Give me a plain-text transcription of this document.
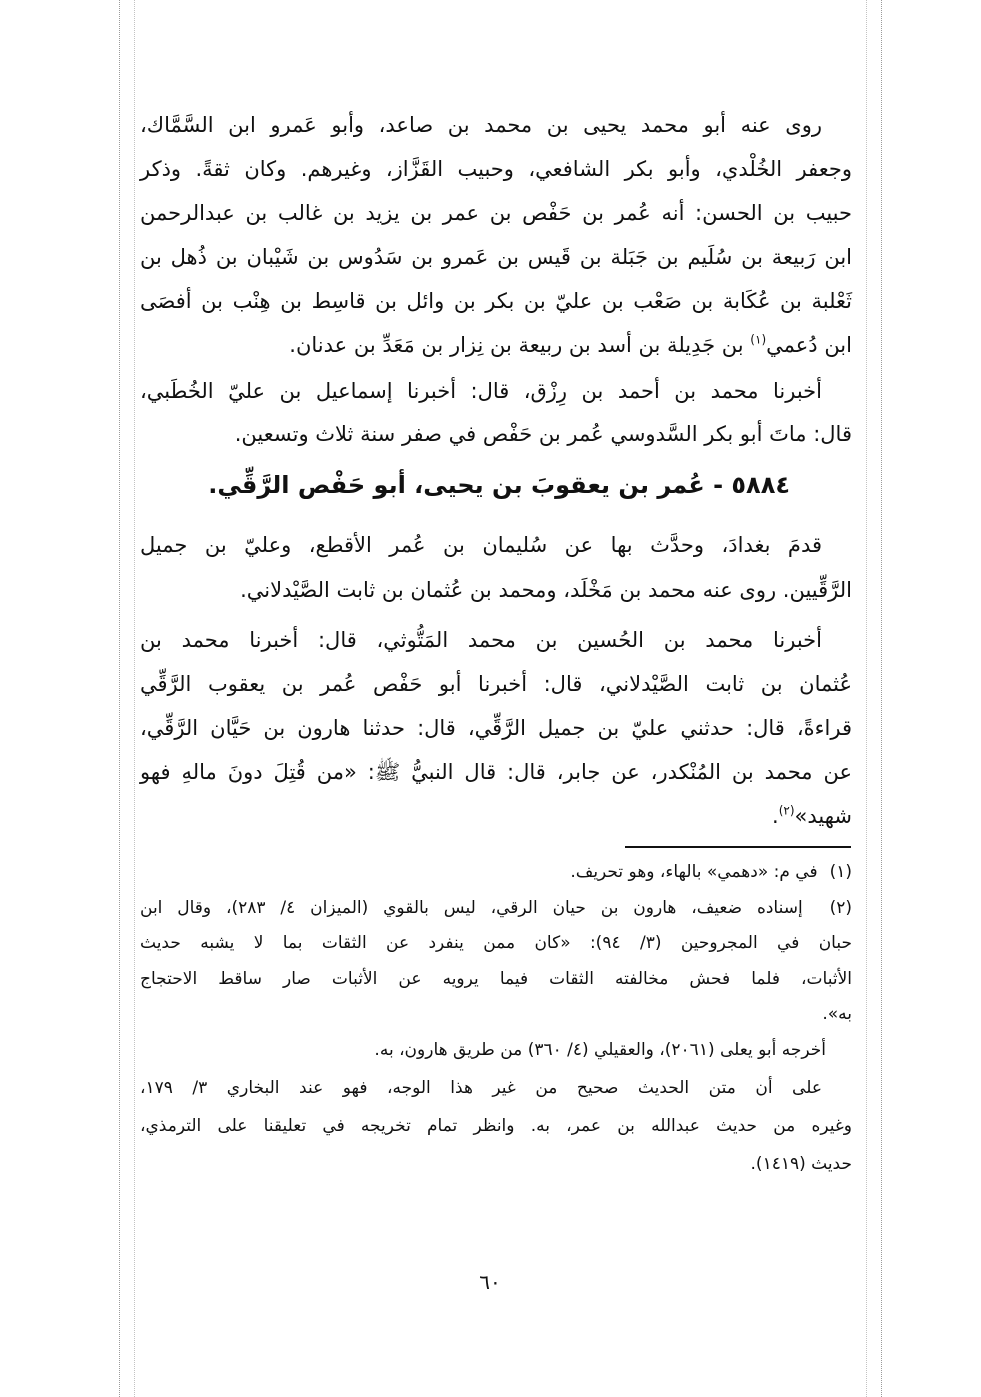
روى عنه أبو محمد يحيى بن محمد بن صاعد، وأبو عَمرو ابن السَّمَّاك،
وجعفر الخُلْدي، وأبو بكر الشافعي، وحبيب القَزَّاز، وغيرهم. وكان ثقةً. وذكر
حبيب بن الحسن: أنه عُمر بن حَفْص بن عمر بن يزيد بن غالب بن عبدالرحمن
ابن رَبيعة بن سُلَيم بن جَبَلة بن قَيس بن عَمرو بن سَدُوس بن شَيْبان بن ذُهل بن
ثَعْلبة بن عُكَابة بن صَعْب بن عليّ بن بكر بن وائل بن قاسِط بن هِنْب بن أفصَى
ابن دُعمي$^{(١)}$ بن جَدِيلة بن أسد بن ربيعة بن نِزار بن مَعَدِّ بن عدنان.
أخبرنا محمد بن أحمد بن رِزْق، قال: أخبرنا إسماعيل بن عليّ الخُطَبي،
قال: ماتَ أبو بكر السَّدوسي عُمر بن حَفْص في صفر سنة ثلاث وتسعين.
٥٨٨٤ - عُمر بن يعقوبَ بن يحيى، أبو حَفْص الرَّقِّي.
قدمَ بغدادَ، وحدَّث بها عن سُليمان بن عُمر الأقطع، وعليّ بن جميل
الرَّقِّيين. روى عنه محمد بن مَخْلَد، ومحمد بن عُثمان بن ثابت الصَّيْدلاني.
أخبرنا محمد بن الحُسين بن محمد المَتُّوثي، قال: أخبرنا محمد بن
عُثمان بن ثابت الصَّيْدلاني، قال: أخبرنا أبو حَفْص عُمر بن يعقوب الرَّقِّي
قراءةً، قال: حدثني عليّ بن جميل الرَّقِّي، قال: حدثنا هارون بن حَيَّان الرَّقِّي،
عن محمد بن المُنْكدر، عن جابر، قال: قال النبيُّ ﷺ: «من قُتِلَ دونَ مالهِ فهو
شهيد»$^{(٢)}$.
(١)في م: «دهمي» بالهاء، وهو تحريف.
(٢) إسناده ضعيف، هارون بن حيان الرقي، ليس بالقوي (الميزان ٤/ ٢٨٣)، وقال ابن
حبان في المجروحين (٣/ ٩٤): «كان ممن ينفرد عن الثقات بما لا يشبه حديث
الأثبات، فلما فحش مخالفته الثقات فيما يرويه عن الأثبات صار ساقط الاحتجاج
به».
أخرجه أبو يعلى (٢٠٦١)، والعقيلي (٤/ ٣٦٠) من طريق هارون، به.
على أن متن الحديث صحيح من غير هذا الوجه، فهو عند البخاري ٣/ ١٧٩،
وغيره من حديث عبدالله بن عمر، به. وانظر تمام تخريجه في تعليقنا على الترمذي،
حديث (١٤١٩).
٦٠
